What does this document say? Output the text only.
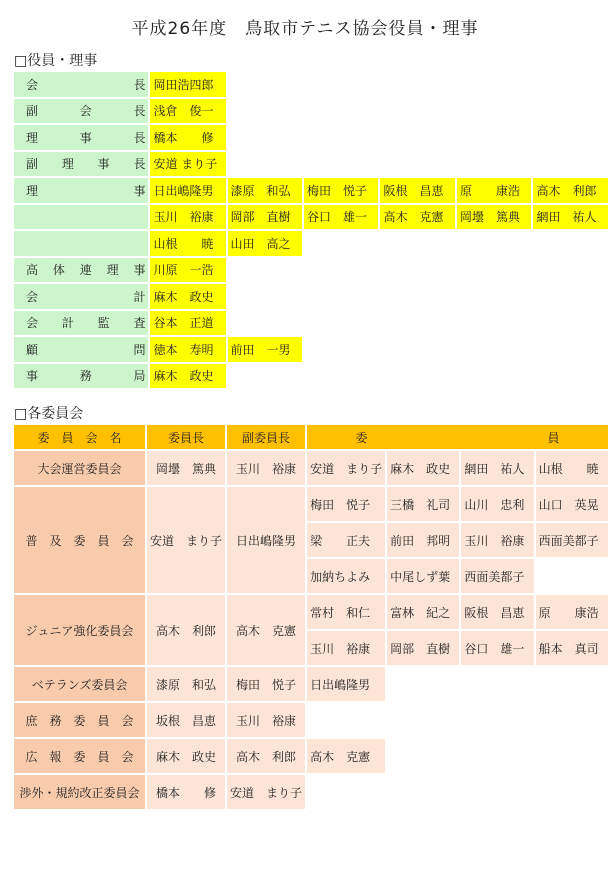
平成26年度　鳥取市テニス協会役員・理事
□役員・理事
会 長	岡田浩四郎					

副 会 長	浅倉　俊一					

理 事 長	橋本　　修					

副 理 事 長	安道 まり子					

理 事	日出嶋隆男	漆原　和弘	梅田　悦子	阪根　昌恵	原　　康浩	高木　利郎

	玉川　裕康	岡部　直樹	谷口　雄一	高木　克憲	岡壜　篤典	網田　祐人

	山根　　暁	山田　高之				

高 体 連 理 事	川原　一浩					

会 計	麻木　政史					

会 計 監 査	谷本　正道					

顧 問	徳本　寿明	前田　一男				

事 務 局	麻木　政史					
□各委員会
委　員　会　名	委員長	副委員長	委　　　　　　　　　　　　　　　員			
大会運営委員会	岡壜　篤典	玉川　裕康	安道　まり子	麻木　政史	網田　祐人	山根　　暁
普　及　委　員　会	安道　まり子	日出嶋隆男	梅田　悦子	三橋　礼司	山川　忠利	山口　英晃
			梁　　正夫	前田　邦明	玉川　裕康	西面美都子
			加納ちよみ	中尾しず葉	西面美都子	
ジュニア強化委員会	高木　利郎	高木　克憲	常村　和仁	富林　紀之	阪根　昌恵	原　　康浩
			玉川　裕康	岡部　直樹	谷口　雄一	船本　真司
ベテランズ委員会	漆原　和弘	梅田　悦子	日出嶋隆男			
庶　務　委　員　会	坂根　昌恵	玉川　裕康				
広　報　委　員　会	麻木　政史	高木　利郎	高木　克憲			
渉外・規約改正委員会	橋本　　修	安道　まり子				
